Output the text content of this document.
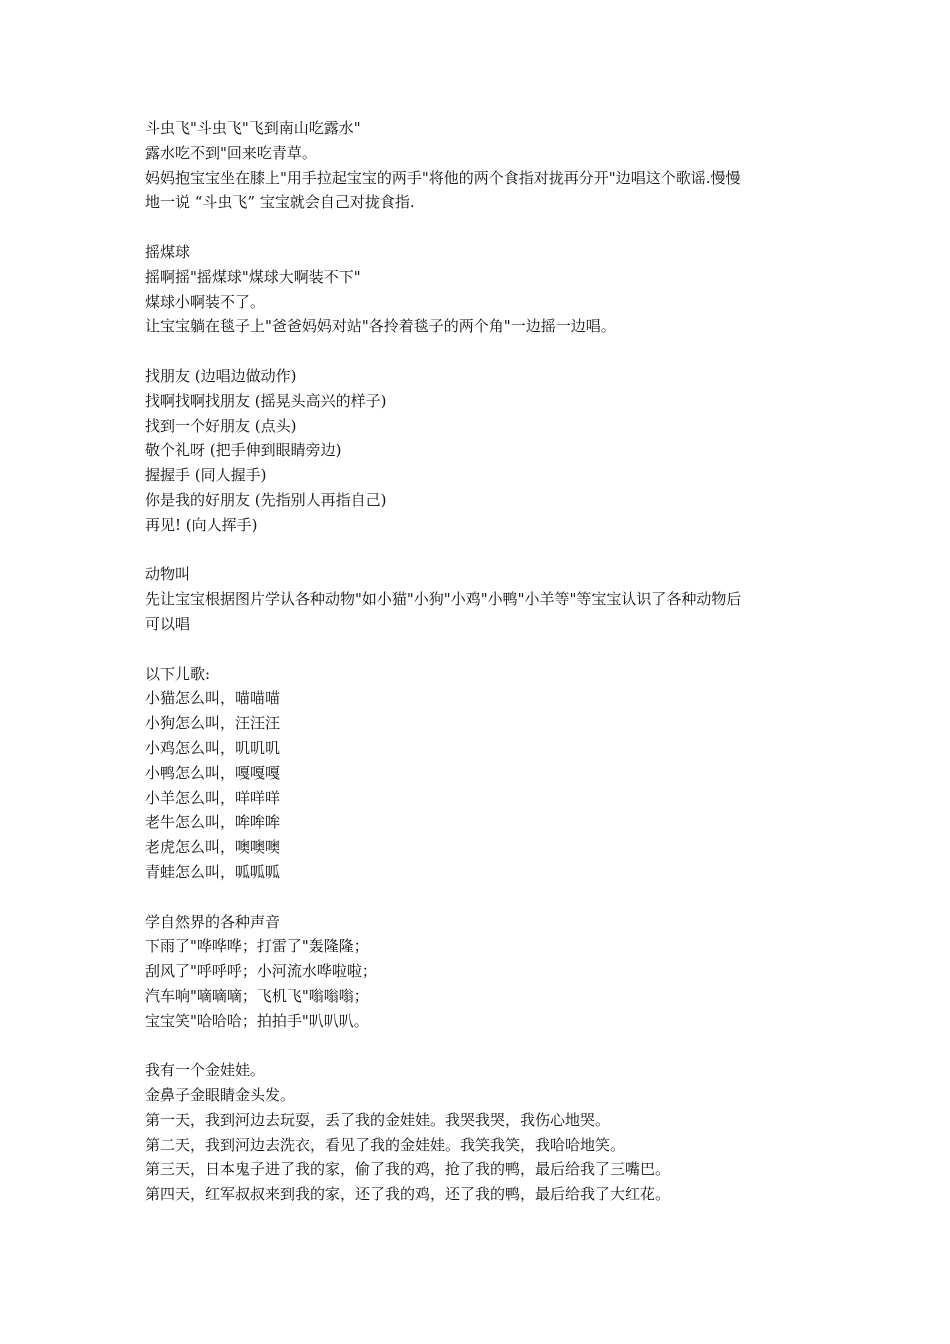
斗虫飞"斗虫飞"飞到南山吃露水"
露水吃不到"回来吃青草。
妈妈抱宝宝坐在膝上"用手拉起宝宝的两手"将他的两个食指对拢再分开"边唱这个歌谣.慢慢
地一说 “斗虫飞” 宝宝就会自己对拢食指.
摇煤球
摇啊摇"摇煤球"煤球大啊装不下"
煤球小啊装不了。
让宝宝躺在毯子上"爸爸妈妈对站"各拎着毯子的两个角"一边摇一边唱。
找朋友 (边唱边做动作)
找啊找啊找朋友 (摇晃头高兴的样子)
找到一个好朋友 (点头)
敬个礼呀 (把手伸到眼睛旁边)
握握手 (同人握手)
你是我的好朋友 (先指别人再指自己)
再见! (向人挥手)
动物叫
先让宝宝根据图片学认各种动物"如小猫"小狗"小鸡"小鸭"小羊等"等宝宝认识了各种动物后
可以唱
以下儿歌:
小猫怎么叫，喵喵喵
小狗怎么叫，汪汪汪
小鸡怎么叫，叽叽叽
小鸭怎么叫，嘎嘎嘎
小羊怎么叫，咩咩咩
老牛怎么叫，哞哞哞
老虎怎么叫，噢噢噢
青蛙怎么叫，呱呱呱
学自然界的各种声音
下雨了"哗哗哗；打雷了"轰隆隆；
刮风了"呼呼呼；小河流水哗啦啦；
汽车响"嘀嘀嘀；飞机飞"嗡嗡嗡；
宝宝笑"哈哈哈；拍拍手"叭叭叭。
我有一个金娃娃。
金鼻子金眼睛金头发。
第一天，我到河边去玩耍，丢了我的金娃娃。我哭我哭，我伤心地哭。
第二天，我到河边去洗衣，看见了我的金娃娃。我笑我笑，我哈哈地笑。
第三天，日本鬼子进了我的家，偷了我的鸡，抢了我的鸭，最后给我了三嘴巴。
第四天，红军叔叔来到我的家，还了我的鸡，还了我的鸭，最后给我了大红花。
